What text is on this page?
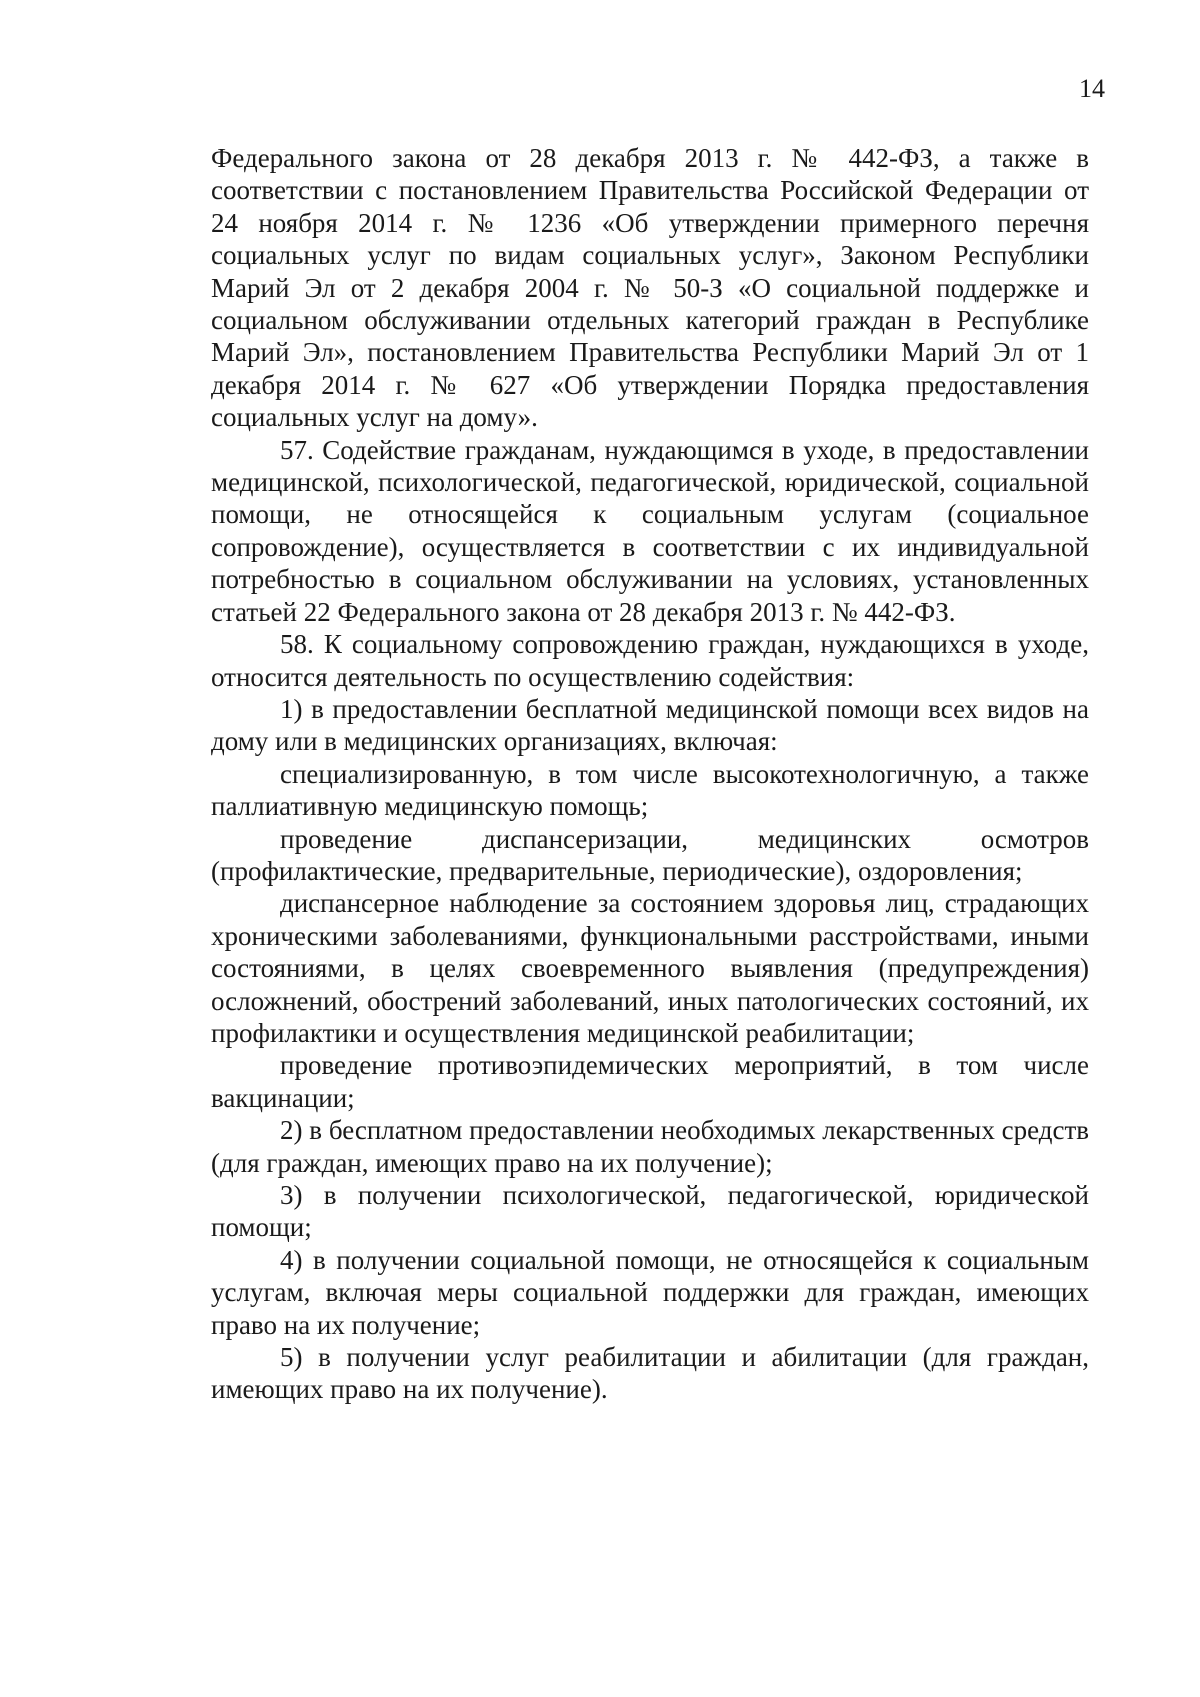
14

Федерального закона от 28 декабря 2013 г. № 442-ФЗ, а также в соответствии с постановлением Правительства Российской Федерации от 24 ноября 2014 г. № 1236 «Об утверждении примерного перечня социальных услуг по видам социальных услуг», Законом Республики Марий Эл от 2 декабря 2004 г. № 50-З «О социальной поддержке и социальном обслуживании отдельных категорий граждан в Республике Марий Эл», постановлением Правительства Республики Марий Эл от 1 декабря 2014 г. № 627 «Об утверждении Порядка предоставления социальных услуг на дому».

57. Содействие гражданам, нуждающимся в уходе, в предоставлении медицинской, психологической, педагогической, юридической, социальной помощи, не относящейся к социальным услугам (социальное сопровождение), осуществляется в соответствии с их индивидуальной потребностью в социальном обслуживании на условиях, установленных статьей 22 Федерального закона от 28 декабря 2013 г. № 442-ФЗ.

58. К социальному сопровождению граждан, нуждающихся в уходе, относится деятельность по осуществлению содействия:

1) в предоставлении бесплатной медицинской помощи всех видов на дому или в медицинских организациях, включая:

специализированную, в том числе высокотехнологичную, а также паллиативную медицинскую помощь;

проведение диспансеризации, медицинских осмотров (профилактические, предварительные, периодические), оздоровления;

диспансерное наблюдение за состоянием здоровья лиц, страдающих хроническими заболеваниями, функциональными расстройствами, иными состояниями, в целях своевременного выявления (предупреждения) осложнений, обострений заболеваний, иных патологических состояний, их профилактики и осуществления медицинской реабилитации;

проведение противоэпидемических мероприятий, в том числе вакцинации;

2) в бесплатном предоставлении необходимых лекарственных средств (для граждан, имеющих право на их получение);

3) в получении психологической, педагогической, юридической помощи;

4) в получении социальной помощи, не относящейся к социальным услугам, включая меры социальной поддержки для граждан, имеющих право на их получение;

5) в получении услуг реабилитации и абилитации (для граждан, имеющих право на их получение).
